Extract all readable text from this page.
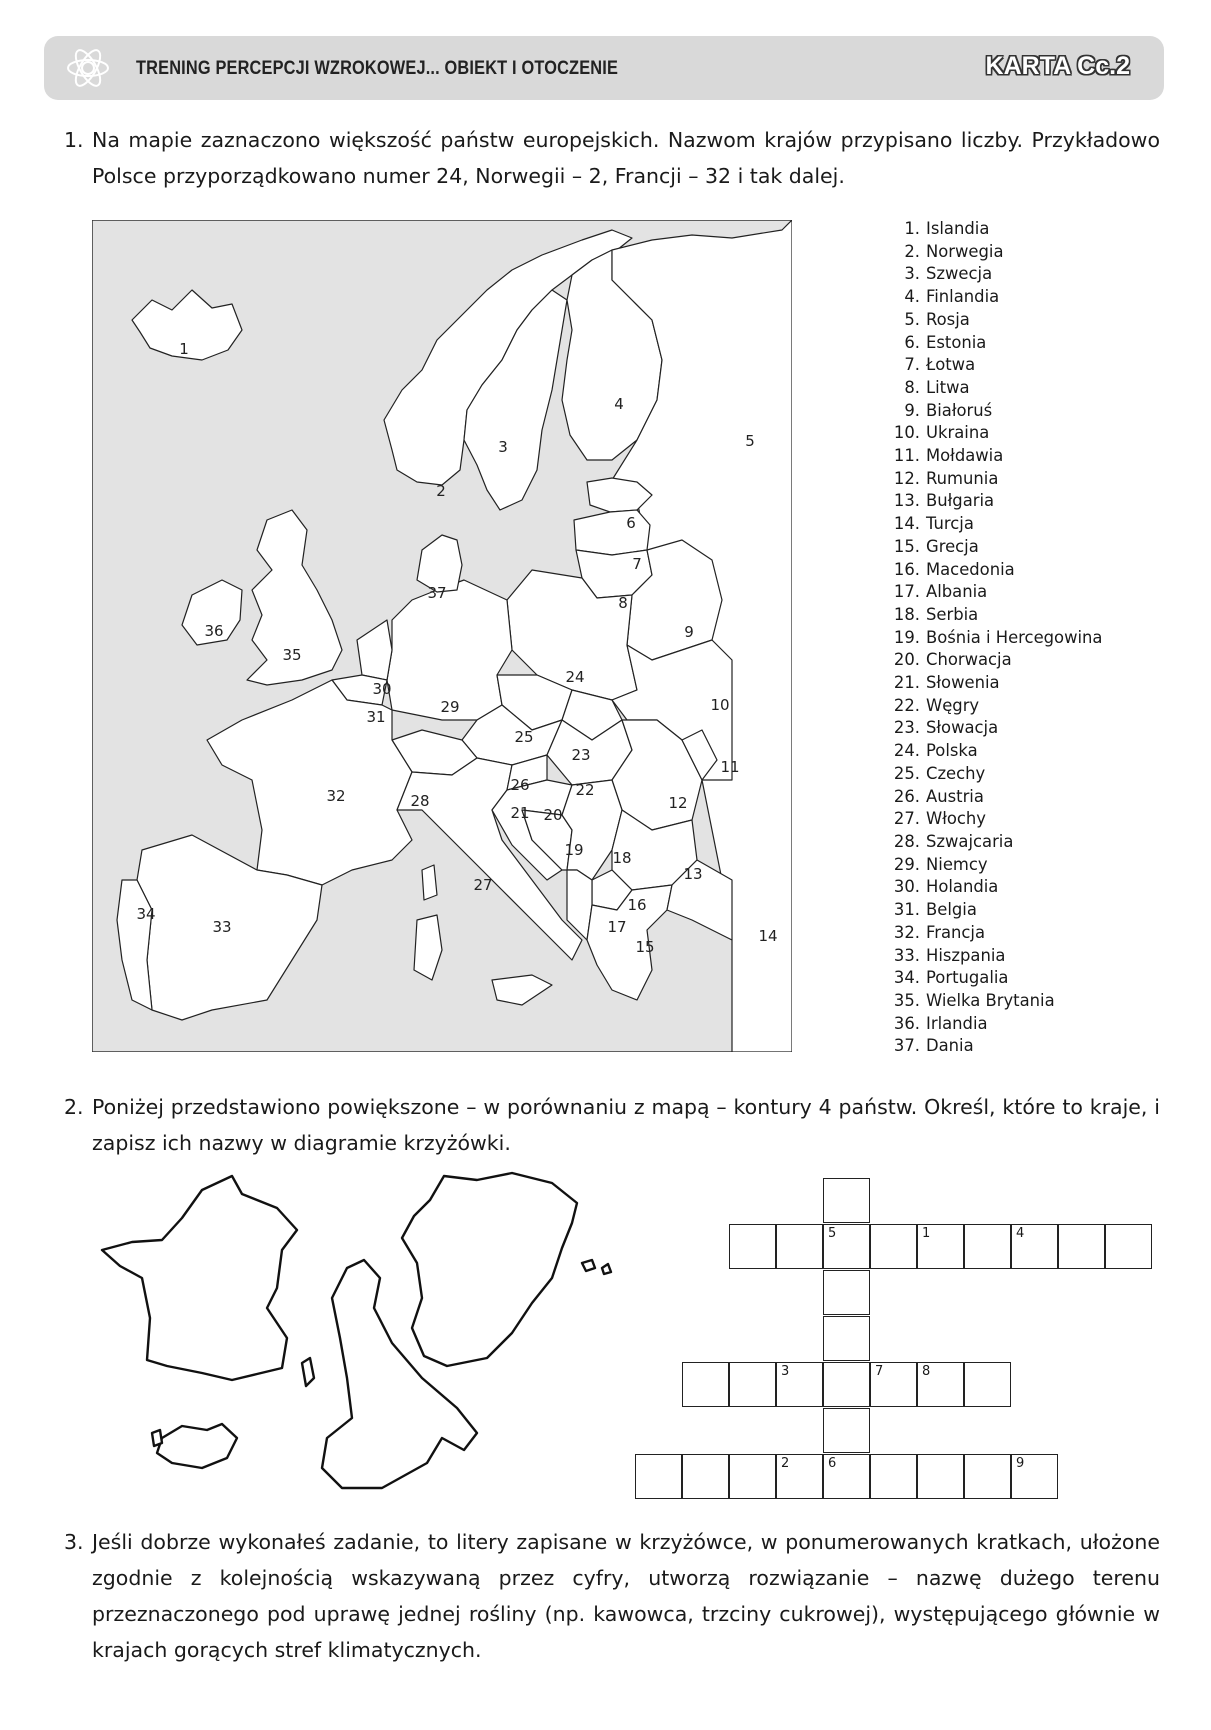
TRENING PERCEPCJI WZROKOWEJ... OBIEKT I OTOCZENIE	KARTA Cc.2
1. Na mapie zaznaczono większość państw europejskich. Nazwom krajów przypisano liczby. Przykładowo Polsce przyporządkowano numer 24, Norwegii – 2, Francji – 32 i tak dalej.
1
2
3
4
5
6
7
8
9
10
11
12
13
14
15
16
17
18
19
20
21
22
23
24
25
26
27
28
29
30
31
32
33
34
35
36
37
1. Islandia
2. Norwegia
3. Szwecja
4. Finlandia
5. Rosja
6. Estonia
7. Łotwa
8. Litwa
9. Białoruś
10. Ukraina
11. Mołdawia
12. Rumunia
13. Bułgaria
14. Turcja
15. Grecja
16. Macedonia
17. Albania
18. Serbia
19. Bośnia i Hercegowina
20. Chorwacja
21. Słowenia
22. Węgry
23. Słowacja
24. Polska
25. Czechy
26. Austria
27. Włochy
28. Szwajcaria
29. Niemcy
30. Holandia
31. Belgia
32. Francja
33. Hiszpania
34. Portugalia
35. Wielka Brytania
36. Irlandia
37. Dania
2. Poniżej przedstawiono powiększone – w porównaniu z mapą – kontury 4 państw. Określ, które to kraje, i zapisz ich nazwy w diagramie krzyżówki.
5
6
1	4
3	7	8
2	9
3. Jeśli dobrze wykonałeś zadanie, to litery zapisane w krzyżówce, w ponumerowanych kratkach, ułożone zgodnie z kolejnością wskazywaną przez cyfry, utworzą rozwiązanie – nazwę dużego terenu przeznaczonego pod uprawę jednej rośliny (np. kawowca, trzciny cukrowej), występującego głównie w krajach gorących stref klimatycznych.
